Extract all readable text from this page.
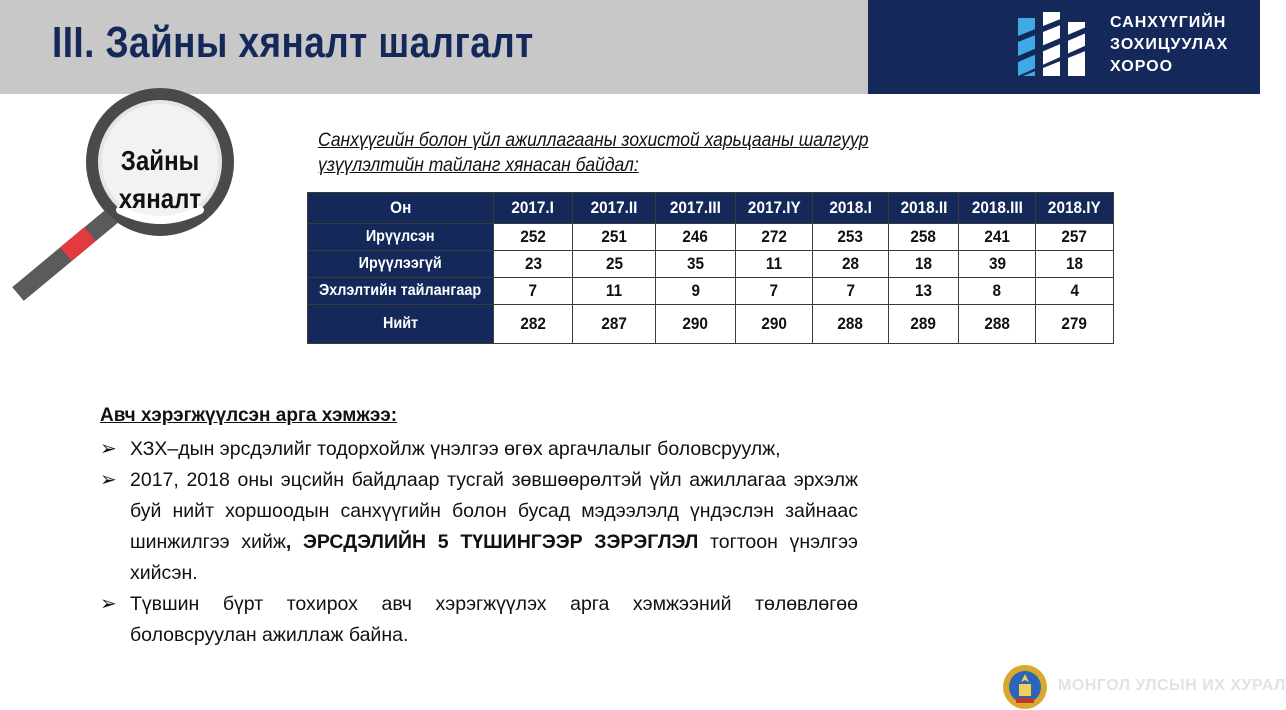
III. Зайны хяналт шалгалт	САНХҮҮГИЙН
ЗОХИЦУУЛАХ
ХОРОО
Зайны
хяналт
Санхүүгийн болон үйл ажиллагааны зохистой харьцааны шалгуур
үзүүлэлтийн тайланг хянасан байдал:
Он	2017.I	2017.II	2017.III	2017.IY	2018.I	2018.II	2018.III	2018.IY
Ирүүлсэн	252	251	246	272	253	258	241	257
Ирүүлээгүй	23	25	35	11	28	18	39	18
Эхлэлтийн тайлангаар	7	11	9	7	7	13	8	4
Нийт	282	287	290	290	288	289	288	279
Авч хэрэгжүүлсэн арга хэмжээ:
➢ ХЗХ–дын эрсдэлийг тодорхойлж үнэлгээ өгөх аргачлалыг боловсруулж,
➢ 2017, 2018 оны эцсийн байдлаар тусгай зөвшөөрөлтэй үйл ажиллагаа эрхэлж буй нийт хоршоодын санхүүгийн болон бусад мэдээлэлд үндэслэн зайнаас шинжилгээ хийж, ЭРСДЭЛИЙН 5 ТҮШИНГЭЭР ЗЭРЭГЛЭЛ тогтоон үнэлгээ хийсэн.
➢ Түвшин бүрт тохирох авч хэрэгжүүлэх арга хэмжээний төлөвлөгөө боловсруулан ажиллаж байна.
МОНГОЛ УЛСЫН ИХ ХУРАЛ
